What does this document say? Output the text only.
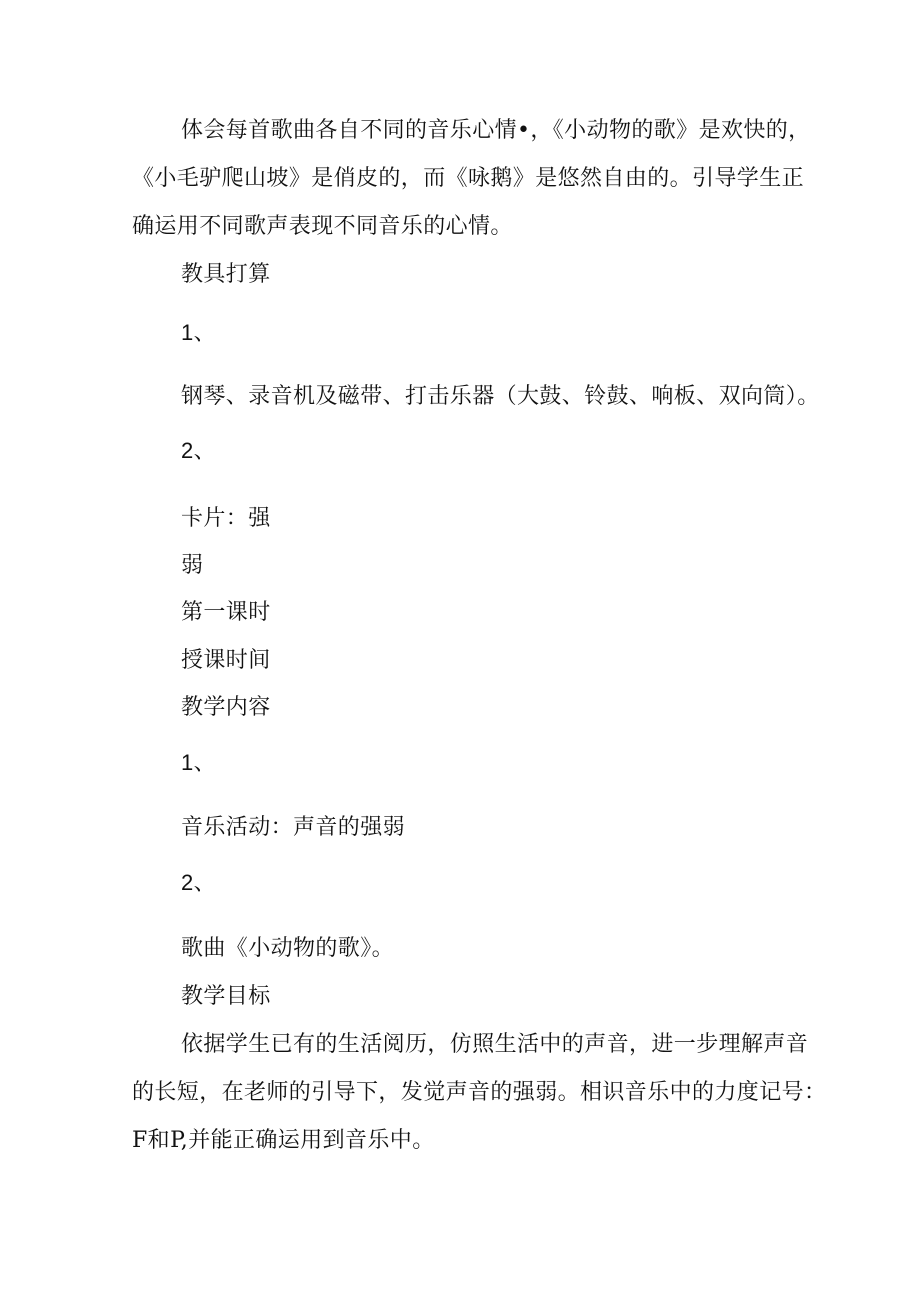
体会每首歌曲各自不同的音乐心情•，《小动物的歌》是欢快的，
《小毛驴爬山坡》是俏皮的，而《咏鹅》是悠然自由的。引导学生正
确运用不同歌声表现不同音乐的心情。
教具打算
1、
钢琴、录音机及磁带、打击乐器（大鼓、铃鼓、响板、双向筒）。
2、
卡片：强
弱
第一课时
授课时间
教学内容
1、
音乐活动：声音的强弱
2、
歌曲《小动物的歌》。
教学目标
依据学生已有的生活阅历，仿照生活中的声音，进一步理解声音
的长短，在老师的引导下，发觉声音的强弱。相识音乐中的力度记号：
F和P,并能正确运用到音乐中。
